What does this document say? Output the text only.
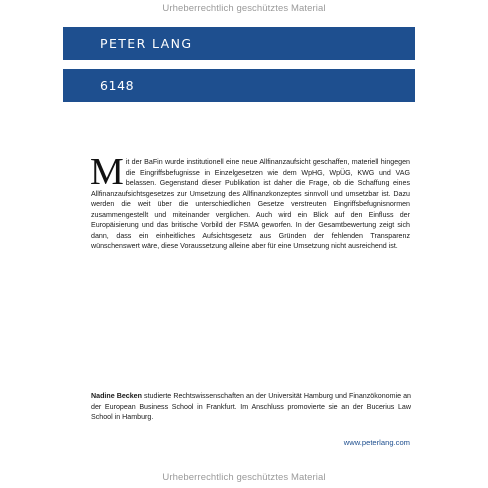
Urheberrechtlich geschütztes Material
PETER LANG
6148

Mit der BaFin wurde institutionell eine neue Allfinanzaufsicht geschaffen, materiell hingegen die Eingriffsbefugnisse in Einzelgesetzen wie dem WpHG, WpÜG, KWG und VAG belassen. Gegenstand dieser Publikation ist daher die Frage, ob die Schaffung eines Allfinanzaufsichtsgesetzes zur Umsetzung des Allfinanzkonzeptes sinnvoll und umsetzbar ist. Dazu werden die weit über die unterschiedlichen Gesetze verstreuten Eingriffsbefugnisnormen zusammengestellt und miteinander verglichen. Auch wird ein Blick auf den Einfluss der Europäisierung und das britische Vorbild der FSMA geworfen. In der Gesamtbewertung zeigt sich dann, dass ein einheitliches Aufsichtsgesetz aus Gründen der fehlenden Transparenz wünschenswert wäre, diese Voraussetzung alleine aber für eine Umsetzung nicht ausreichend ist.

Nadine Becken studierte Rechtswissenschaften an der Universität Hamburg und Finanzökonomie an der European Business School in Frankfurt. Im Anschluss promovierte sie an der Bucerius Law School in Hamburg.

www.peterlang.com
Urheberrechtlich geschütztes Material
